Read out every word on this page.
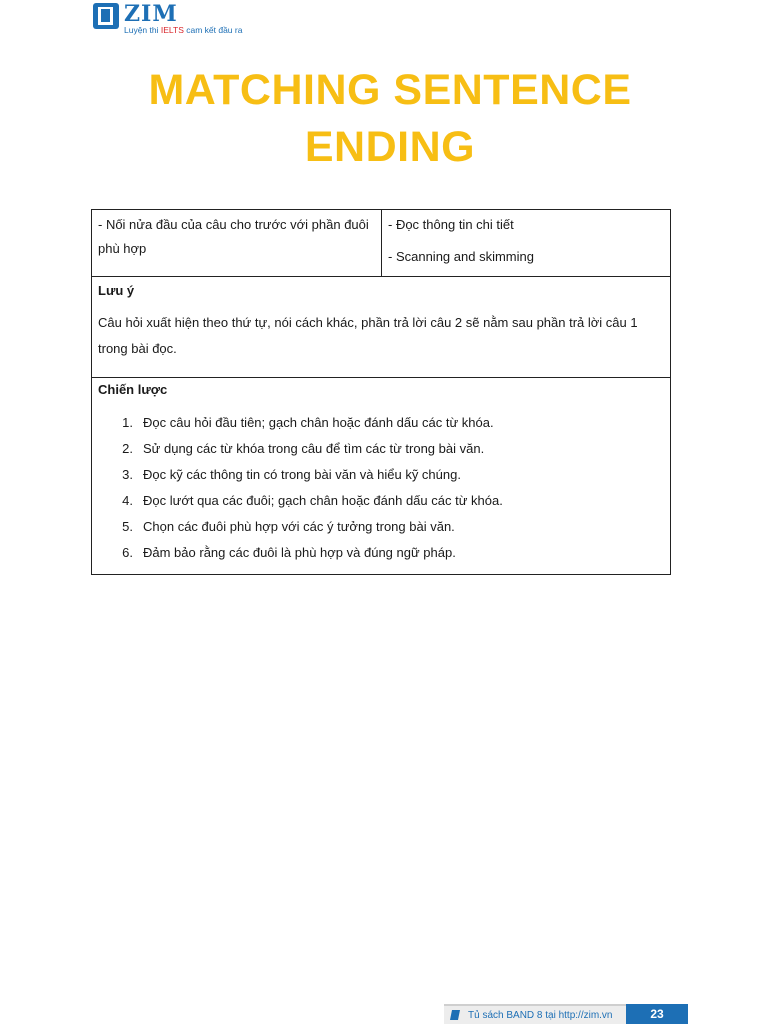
ZIM
Luyện thi IELTS cam kết đầu ra
MATCHING SENTENCE
ENDING
- Nối nửa đầu của câu cho trước với phần đuôi phù hợp
- Đọc thông tin chi tiết
- Scanning and skimming
Lưu ý
Câu hỏi xuất hiện theo thứ tự, nói cách khác, phần trả lời câu 2 sẽ nằm sau phần trả lời câu 1 trong bài đọc.
Chiến lược
1. Đọc câu hỏi đầu tiên; gạch chân hoặc đánh dấu các từ khóa.
2. Sử dụng các từ khóa trong câu để tìm các từ trong bài văn.
3. Đọc kỹ các thông tin có trong bài văn và hiểu kỹ chúng.
4. Đọc lướt qua các đuôi; gạch chân hoặc đánh dấu các từ khóa.
5. Chọn các đuôi phù hợp với các ý tưởng trong bài văn.
6. Đảm bảo rằng các đuôi là phù hợp và đúng ngữ pháp.
Tủ sách BAND 8 tại http://zim.vn	23
